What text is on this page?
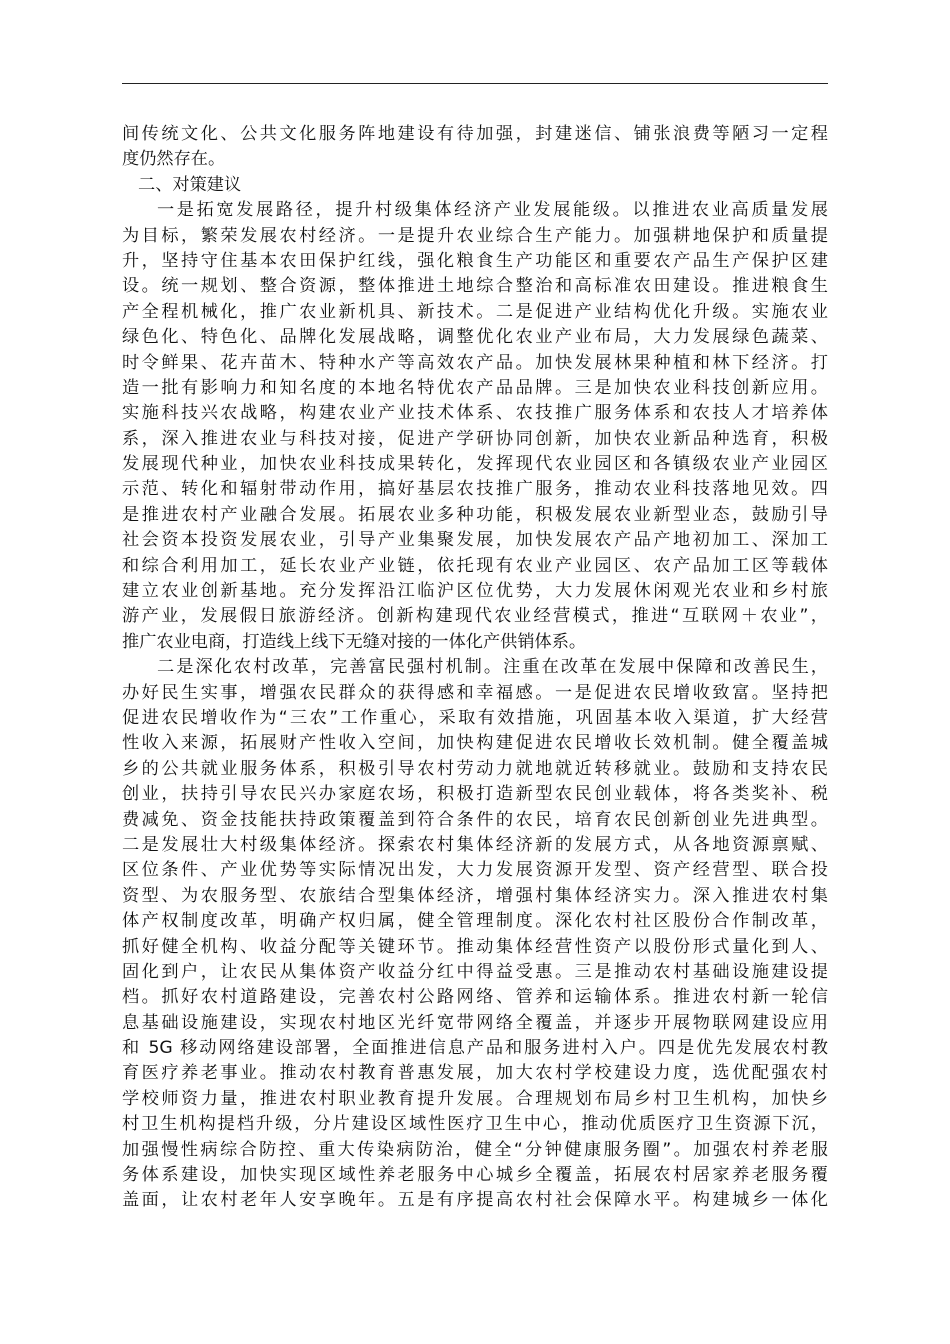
间传统文化、公共文化服务阵地建设有待加强，封建迷信、铺张浪费等陋习一定程
度仍然存在。
二、对策建议
一是拓宽发展路径，提升村级集体经济产业发展能级。以推进农业高质量发展
为目标，繁荣发展农村经济。一是提升农业综合生产能力。加强耕地保护和质量提
升，坚持守住基本农田保护红线，强化粮食生产功能区和重要农产品生产保护区建
设。统一规划、整合资源，整体推进土地综合整治和高标准农田建设。推进粮食生
产全程机械化，推广农业新机具、新技术。二是促进产业结构优化升级。实施农业
绿色化、特色化、品牌化发展战略，调整优化农业产业布局，大力发展绿色蔬菜、
时令鲜果、花卉苗木、特种水产等高效农产品。加快发展林果种植和林下经济。打
造一批有影响力和知名度的本地名特优农产品品牌。三是加快农业科技创新应用。
实施科技兴农战略，构建农业产业技术体系、农技推广服务体系和农技人才培养体
系，深入推进农业与科技对接，促进产学研协同创新，加快农业新品种选育，积极
发展现代种业，加快农业科技成果转化，发挥现代农业园区和各镇级农业产业园区
示范、转化和辐射带动作用，搞好基层农技推广服务，推动农业科技落地见效。四
是推进农村产业融合发展。拓展农业多种功能，积极发展农业新型业态，鼓励引导
社会资本投资发展农业，引导产业集聚发展，加快发展农产品产地初加工、深加工
和综合利用加工，延长农业产业链，依托现有农业产业园区、农产品加工区等载体
建立农业创新基地。充分发挥沿江临沪区位优势，大力发展休闲观光农业和乡村旅
游产业，发展假日旅游经济。创新构建现代农业经营模式，推进“互联网＋农业”，
推广农业电商，打造线上线下无缝对接的一体化产供销体系。
二是深化农村改革，完善富民强村机制。注重在改革在发展中保障和改善民生，
办好民生实事，增强农民群众的获得感和幸福感。一是促进农民增收致富。坚持把
促进农民增收作为“三农”工作重心，采取有效措施，巩固基本收入渠道，扩大经营
性收入来源，拓展财产性收入空间，加快构建促进农民增收长效机制。健全覆盖城
乡的公共就业服务体系，积极引导农村劳动力就地就近转移就业。鼓励和支持农民
创业，扶持引导农民兴办家庭农场，积极打造新型农民创业载体，将各类奖补、税
费减免、资金技能扶持政策覆盖到符合条件的农民，培育农民创新创业先进典型。
二是发展壮大村级集体经济。探索农村集体经济新的发展方式，从各地资源禀赋、
区位条件、产业优势等实际情况出发，大力发展资源开发型、资产经营型、联合投
资型、为农服务型、农旅结合型集体经济，增强村集体经济实力。深入推进农村集
体产权制度改革，明确产权归属，健全管理制度。深化农村社区股份合作制改革，
抓好健全机构、收益分配等关键环节。推动集体经营性资产以股份形式量化到人、
固化到户，让农民从集体资产收益分红中得益受惠。三是推动农村基础设施建设提
档。抓好农村道路建设，完善农村公路网络、管养和运输体系。推进农村新一轮信
息基础设施建设，实现农村地区光纤宽带网络全覆盖，并逐步开展物联网建设应用
和 5G 移动网络建设部署，全面推进信息产品和服务进村入户。四是优先发展农村教
育医疗养老事业。推动农村教育普惠发展，加大农村学校建设力度，选优配强农村
学校师资力量，推进农村职业教育提升发展。合理规划布局乡村卫生机构，加快乡
村卫生机构提档升级，分片建设区域性医疗卫生中心，推动优质医疗卫生资源下沉，
加强慢性病综合防控、重大传染病防治，健全“分钟健康服务圈”。加强农村养老服
务体系建设，加快实现区域性养老服务中心城乡全覆盖，拓展农村居家养老服务覆
盖面，让农村老年人安享晚年。五是有序提高农村社会保障水平。构建城乡一体化
